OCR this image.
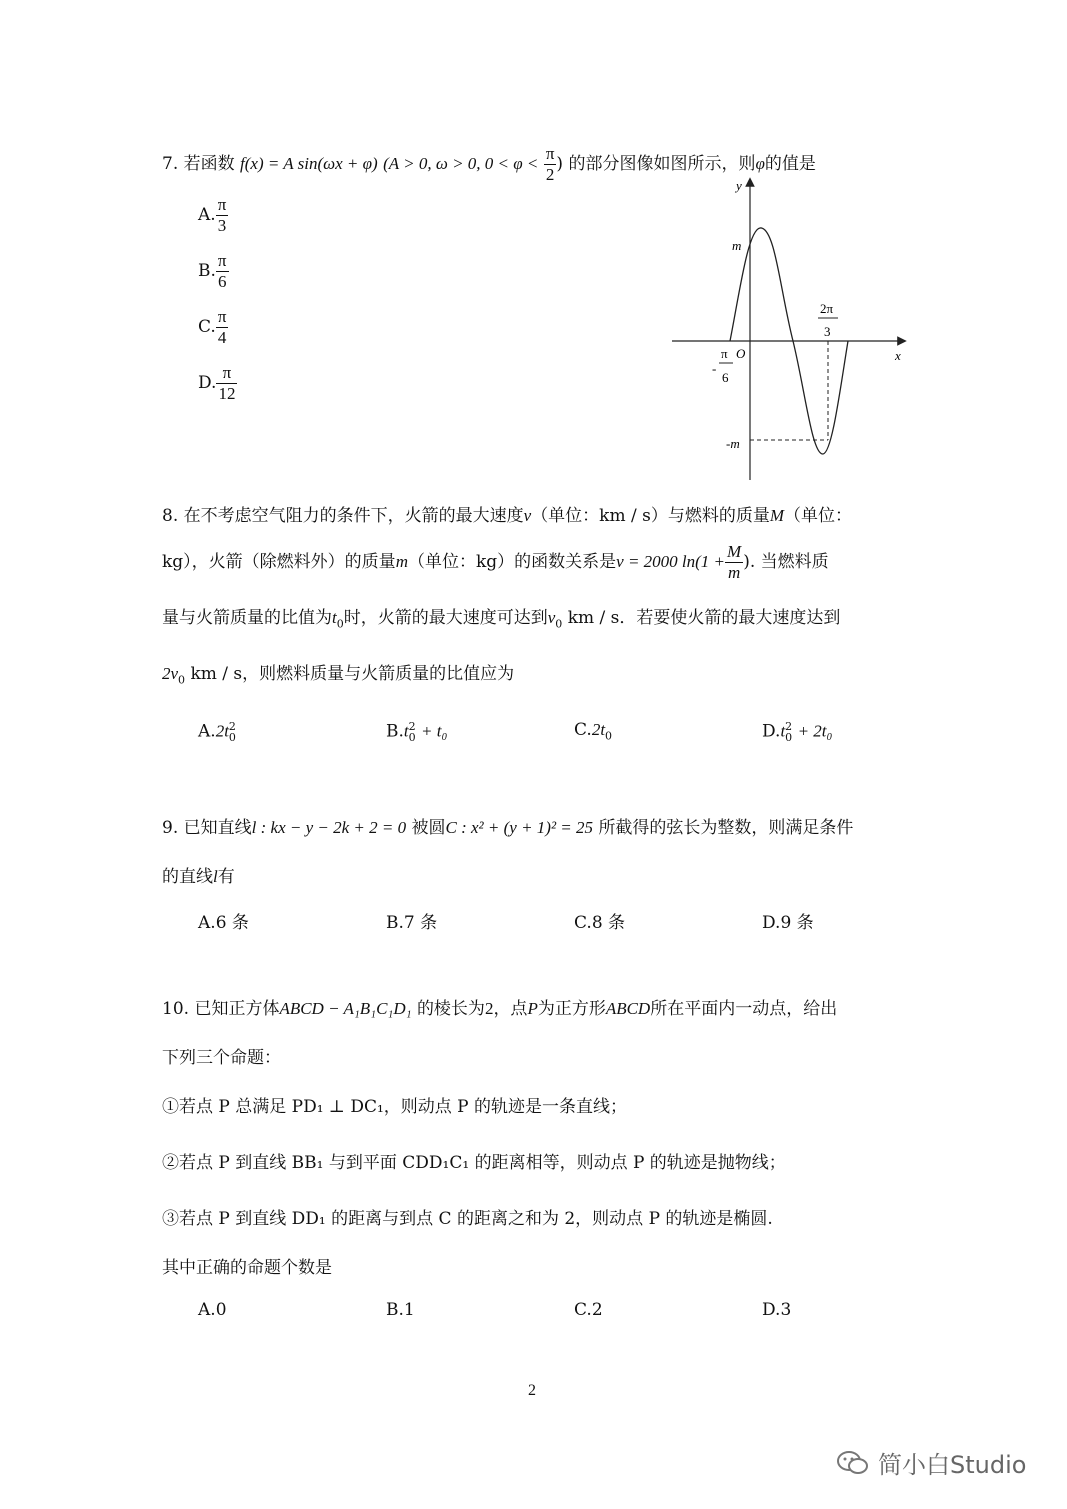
7. 若函数 f(x) = A sin(ωx + φ) (A > 0, ω > 0, $0 < \varphi < \frac{\pi}{2}$ ) 的部分图像如图所示，则φ的值是
A. $\frac{\pi}{3}$
B. $\frac{\pi}{6}$
C. $\frac{\pi}{4}$
D. $\frac{\pi}{12}$
y
x
m
-m
O
2π
3
-
π
6
8. 在不考虑空气阻力的条件下，火箭的最大速度v（单位：km / s）与燃料的质量M（单位：
kg），火箭（除燃料外）的质量m（单位：kg）的函数关系是v = 2000 $\ln(1 + \frac{M}{m}$ ). 当燃料质
量与火箭质量的比值为$t_0$时，火箭的最大速度可达到$v_0$ km / s．若要使火箭的最大速度达到
$2v_0$ km / s，则燃料质量与火箭质量的比值应为
$A.2t^2_0$	$B.t^2_0 + t_0$	$C.2t_0$	$D.t^2_0 + 2t_0$
9. 已知直线l : kx − y − 2k + 2 = 0 被圆C : x² + (y + 1)² = 25 所截得的弦长为整数，则满足条件
的直线l有
A.6 条	B.7 条	C.8 条	D.9 条
10. 已知正方体ABCD − A₁B₁C₁D₁ 的棱长为2，点P为正方形ABCD所在平面内一动点，给出
下列三个命题：
①若点 P 总满足 PD₁ ⊥ DC₁，则动点 P 的轨迹是一条直线；
②若点 P 到直线 BB₁ 与到平面 CDD₁C₁ 的距离相等，则动点 P 的轨迹是抛物线；
③若点 P 到直线 DD₁ 的距离与到点 C 的距离之和为 2，则动点 P 的轨迹是椭圆.
其中正确的命题个数是
A.0	B.1	C.2	D.3
2
简小白Studio
